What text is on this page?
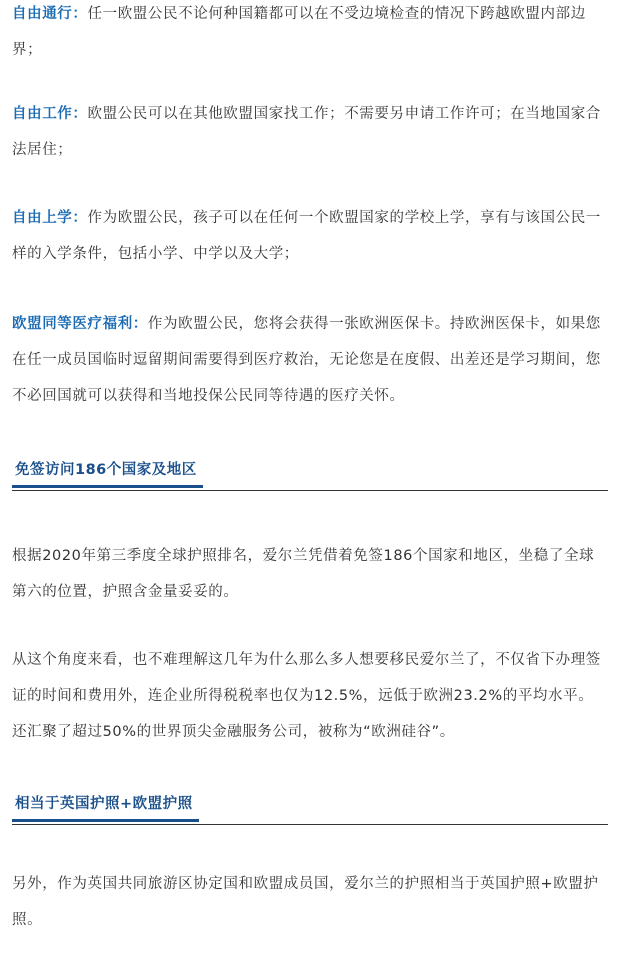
自由通行：任一欧盟公民不论何种国籍都可以在不受边境检查的情况下跨越欧盟内部边界；

自由工作：欧盟公民可以在其他欧盟国家找工作；不需要另申请工作许可；在当地国家合法居住；

自由上学：作为欧盟公民，孩子可以在任何一个欧盟国家的学校上学，享有与该国公民一样的入学条件，包括小学、中学以及大学；

欧盟同等医疗福利：作为欧盟公民，您将会获得一张欧洲医保卡。持欧洲医保卡，如果您在任一成员国临时逗留期间需要得到医疗救治，无论您是在度假、出差还是学习期间，您不必回国就可以获得和当地投保公民同等待遇的医疗关怀。

免签访问186个国家及地区

根据2020年第三季度全球护照排名，爱尔兰凭借着免签186个国家和地区，坐稳了全球第六的位置，护照含金量妥妥的。

从这个角度来看，也不难理解这几年为什么那么多人想要移民爱尔兰了，不仅省下办理签证的时间和费用外，连企业所得税税率也仅为12.5%，远低于欧洲23.2%的平均水平。还汇聚了超过50%的世界顶尖金融服务公司，被称为“欧洲硅谷”。

相当于英国护照+欧盟护照

另外，作为英国共同旅游区协定国和欧盟成员国，爱尔兰的护照相当于英国护照+欧盟护照。
